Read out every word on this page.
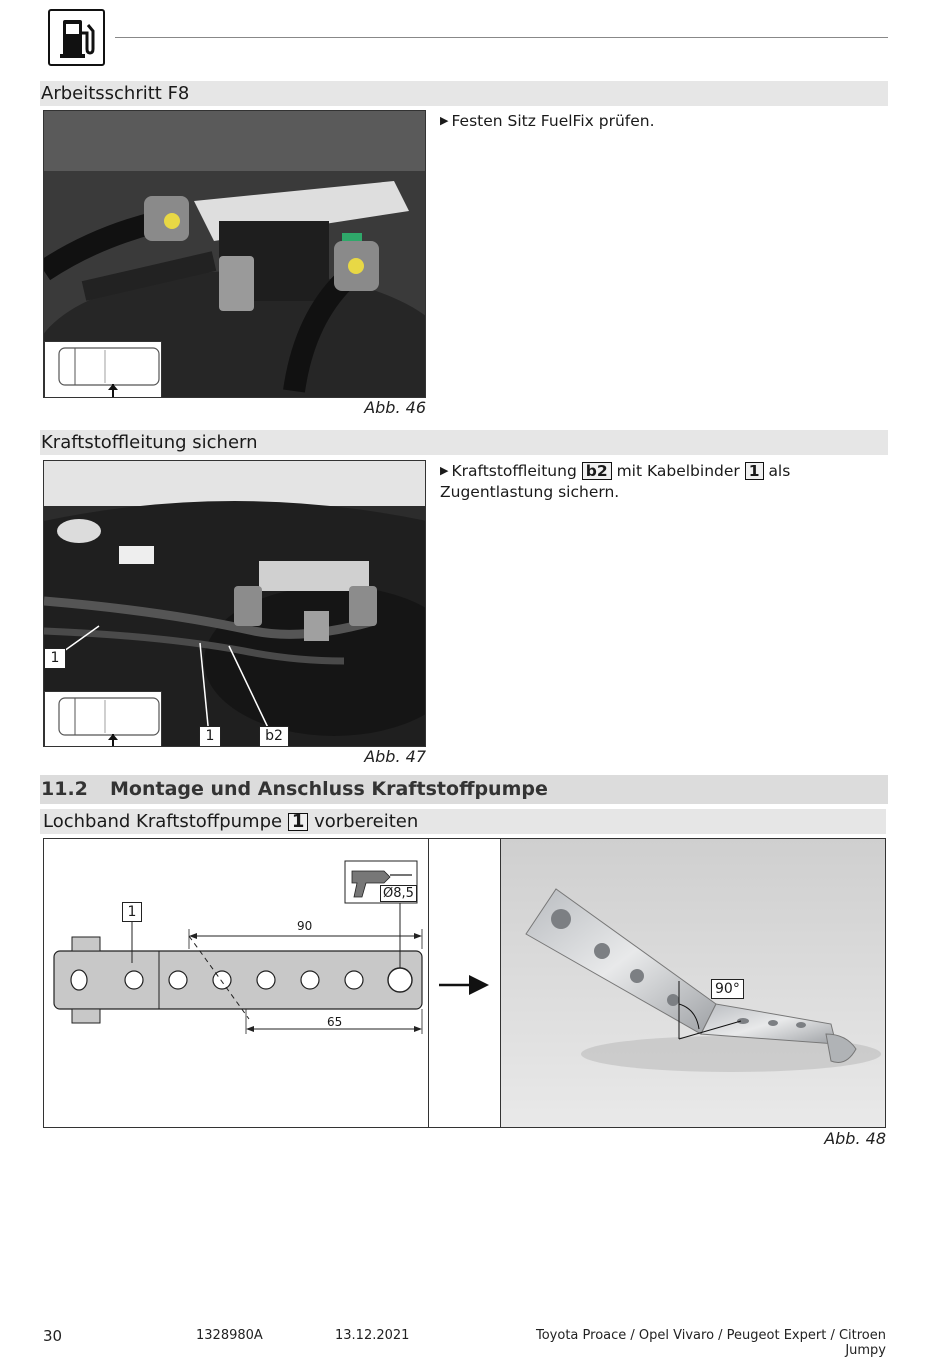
Arbeitsschritt F8
Abb. 46
▶ Festen Sitz FuelFix prüfen.
Kraftstoffleitung sichern
1
1	b2
Abb. 47
▶ Kraftstoffleitung b2 mit Kabelbinder 1 als Zugentlastung sichern.
11.2 Montage und Anschluss Kraftstoffpumpe
Lochband Kraftstoffpumpe 1 vorbereiten
1
Ø8,5
90
65
90°
Abb. 48
30	1328980A	13.12.2021	Toyota Proace / Opel Vivaro / Peugeot Expert / Citroen Jumpy
